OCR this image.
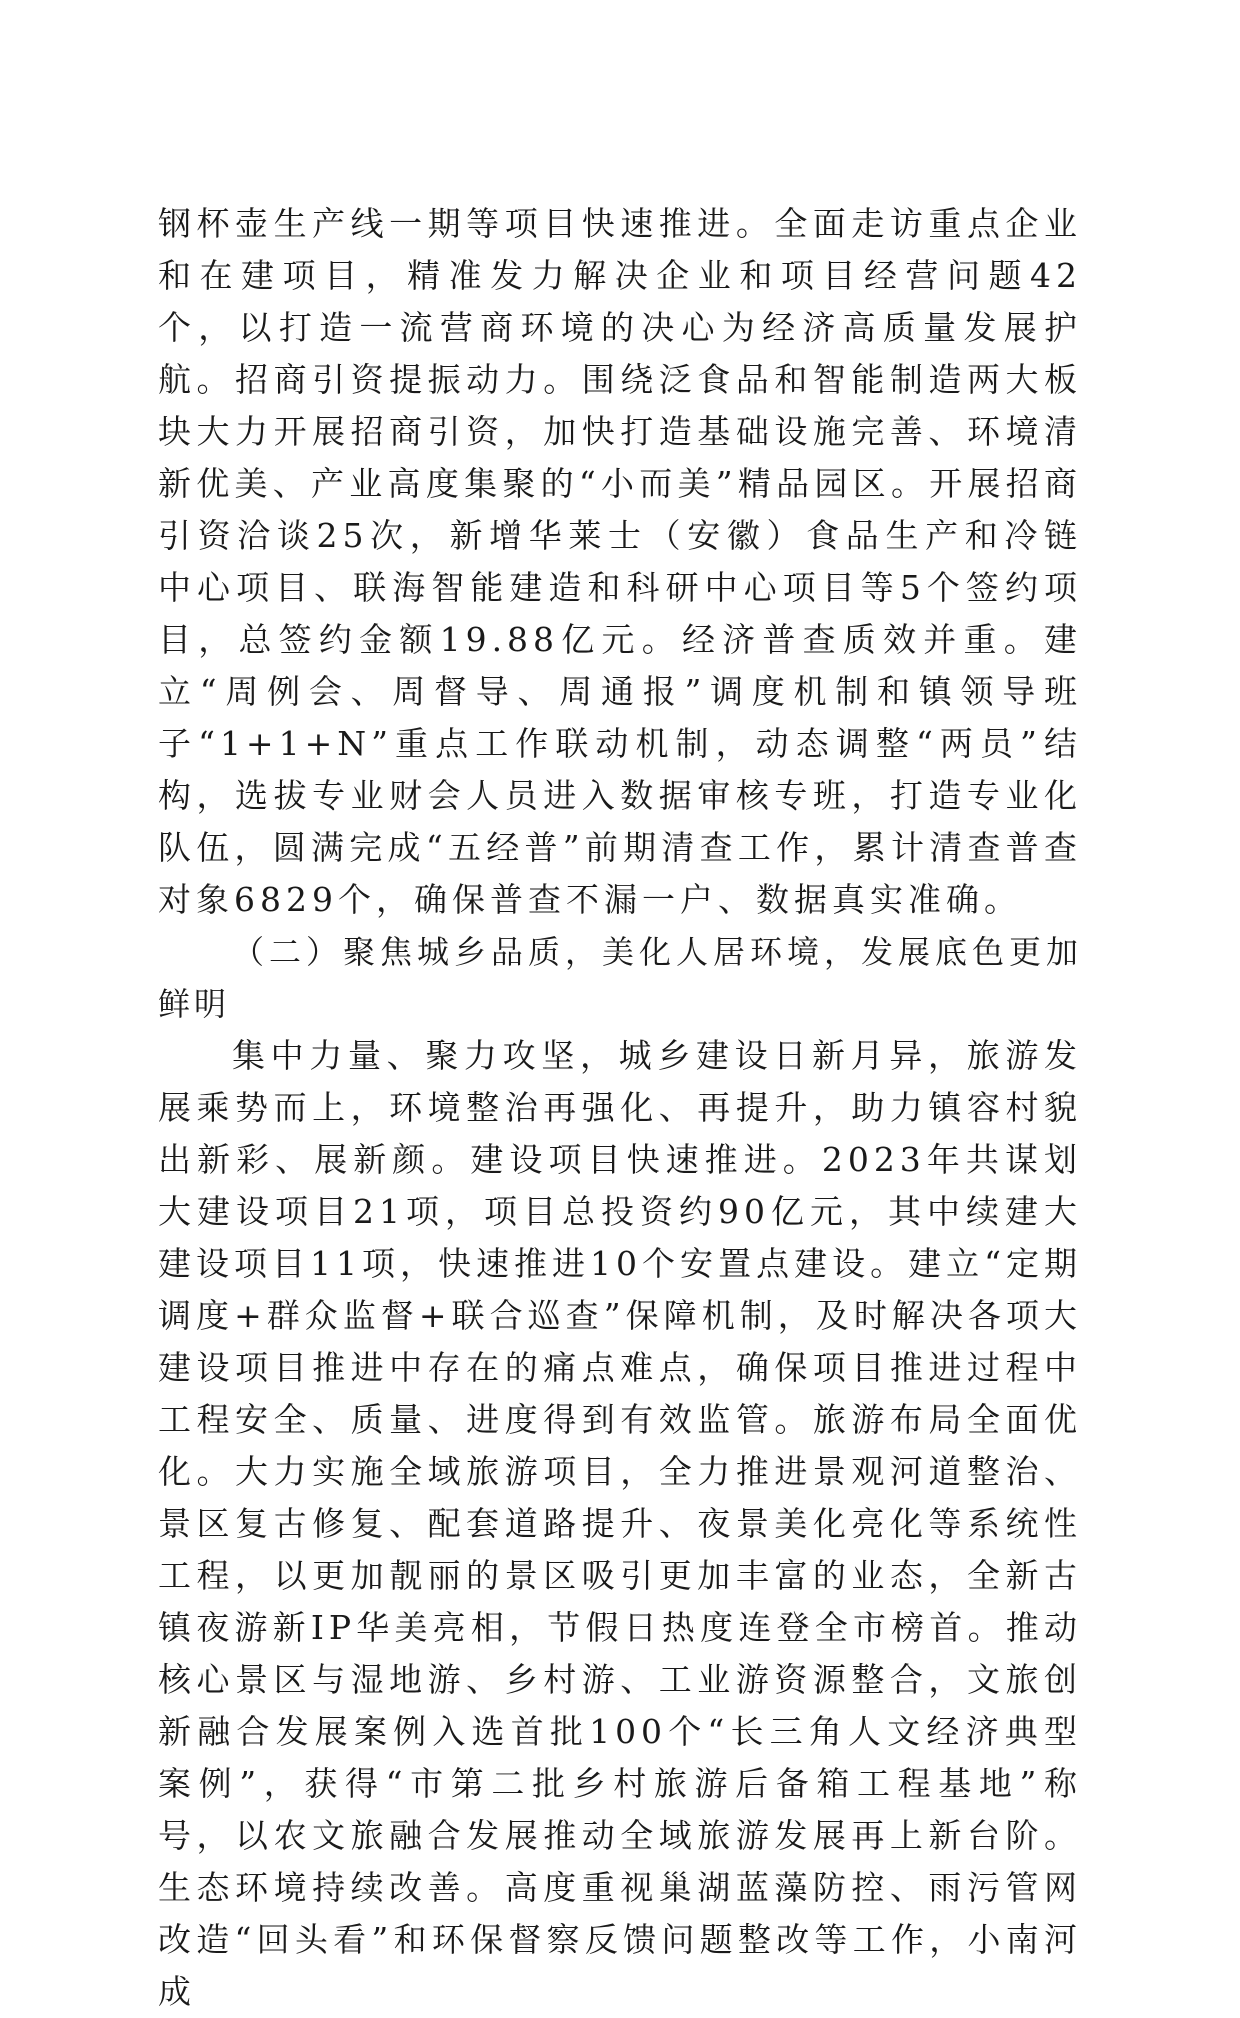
钢杯壶生产线一期等项目快速推进。全面走访重点企业和在建项目，精准发力解决企业和项目经营问题42个，以打造一流营商环境的决心为经济高质量发展护航。招商引资提振动力。围绕泛食品和智能制造两大板块大力开展招商引资，加快打造基础设施完善、环境清新优美、产业高度集聚的“小而美”精品园区。开展招商引资洽谈25次，新增华莱士（安徽）食品生产和冷链中心项目、联海智能建造和科研中心项目等5个签约项目，总签约金额19.88亿元。经济普查质效并重。建立“周例会、周督导、周通报”调度机制和镇领导班子“1+1+N”重点工作联动机制，动态调整“两员”结构，选拔专业财会人员进入数据审核专班，打造专业化队伍，圆满完成“五经普”前期清查工作，累计清查普查对象6829个，确保普查不漏一户、数据真实准确。

（二）聚焦城乡品质，美化人居环境，发展底色更加鲜明

集中力量、聚力攻坚，城乡建设日新月异，旅游发展乘势而上，环境整治再强化、再提升，助力镇容村貌出新彩、展新颜。建设项目快速推进。2023年共谋划大建设项目21项，项目总投资约90亿元，其中续建大建设项目11项，快速推进10个安置点建设。建立“定期调度+群众监督+联合巡查”保障机制，及时解决各项大建设项目推进中存在的痛点难点，确保项目推进过程中工程安全、质量、进度得到有效监管。旅游布局全面优化。大力实施全域旅游项目，全力推进景观河道整治、景区复古修复、配套道路提升、夜景美化亮化等系统性工程，以更加靓丽的景区吸引更加丰富的业态，全新古镇夜游新IP华美亮相，节假日热度连登全市榜首。推动核心景区与湿地游、乡村游、工业游资源整合，文旅创新融合发展案例入选首批100个“长三角人文经济典型案例”，获得“市第二批乡村旅游后备箱工程基地”称号，以农文旅融合发展推动全域旅游发展再上新台阶。生态环境持续改善。高度重视巢湖蓝藻防控、雨污管网改造“回头看”和环保督察反馈问题整改等工作，小南河成
